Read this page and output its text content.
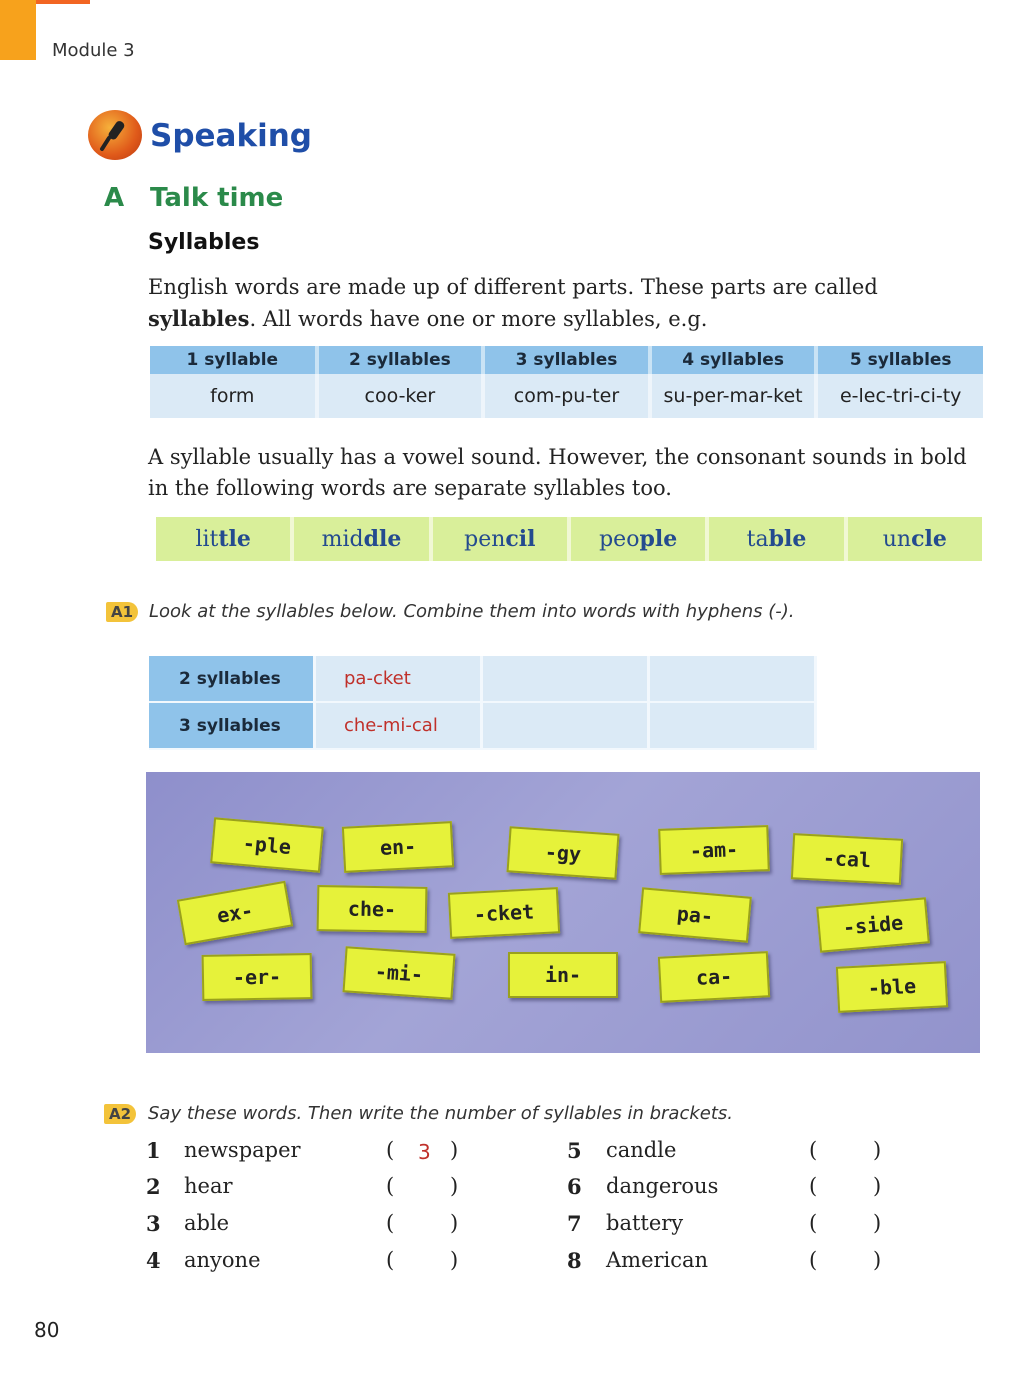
Module 3
Speaking
A Talk time
Syllables
English words are made up of different parts. These parts are called syllables. All words have one or more syllables, e.g.
1 syllable	2 syllables	3 syllables	4 syllables	5 syllables
form	coo-ker	com-pu-ter	su-per-mar-ket	e-lec-tri-ci-ty
A syllable usually has a vowel sound. However, the consonant sounds in bold in the following words are separate syllables too.
lit tle	mid dle	pen cil	peo ple	ta ble	un cle
A1 Look at the syllables below. Combine them into words with hyphens (-).
2 syllables	pa-cket		
3 syllables	che-mi-cal		
-ple	en-	-gy	-am-	-cal
ex-	che-	-cket	pa-	-side
-er-	-mi-	in-	ca-	-ble
A2 Say these words. Then write the number of syllables in brackets.
1 newspaper	( 3 )
2 hear	(	)
3 able	(	)
4 anyone	(	)
5 candle	(	)
6 dangerous	(	)
7 battery	(	)
8 American	(	)
80
